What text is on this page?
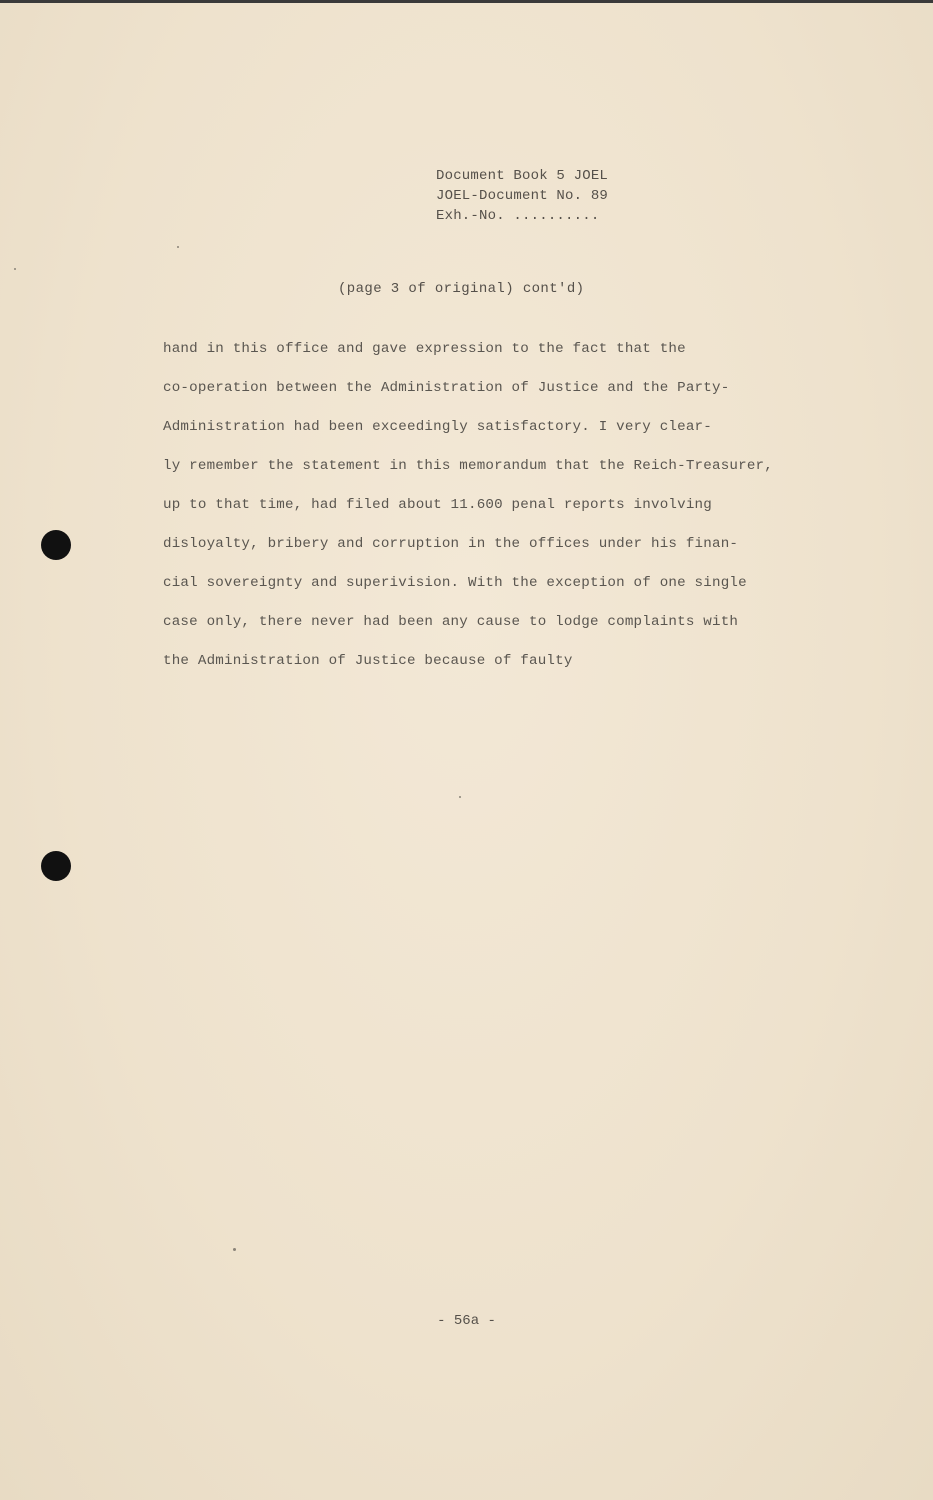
Document Book 5 JOEL
JOEL-Document No. 89
Exh.-No. ..........
(page 3 of original) cont'd)
hand in this office and gave expression to the fact that the
co-operation between the Administration of Justice and the Party-
Administration had been exceedingly satisfactory. I very clear-
ly remember the statement in this memorandum that the Reich-Treasurer,
up to that time, had filed about 11.600 penal reports involving
disloyalty, bribery and corruption in the offices under his finan-
cial sovereignty and superivision. With the exception of one single
case only, there never had been any cause to lodge complaints with
the Administration of Justice because of faulty
- 56a -
